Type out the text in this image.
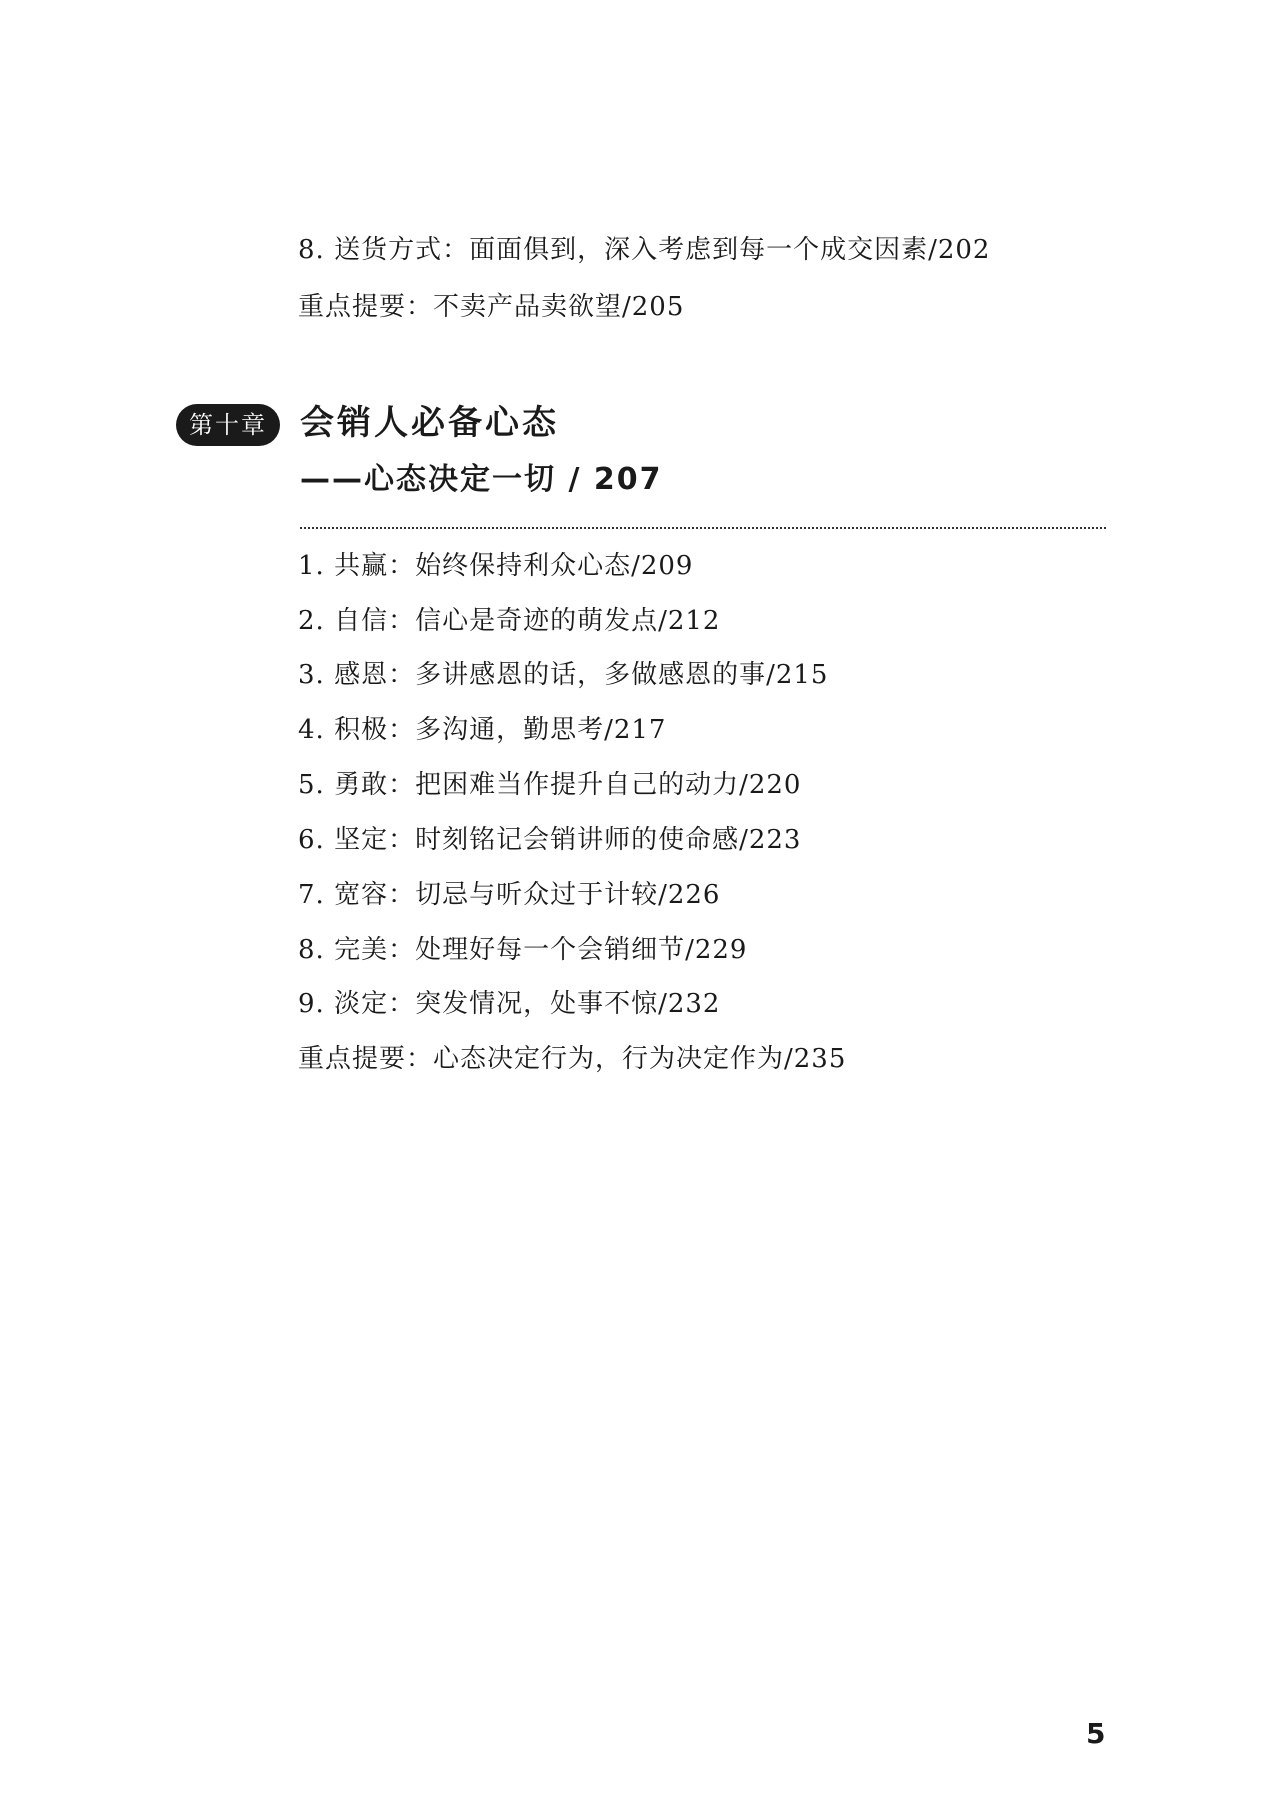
8. 送货方式：面面俱到，深入考虑到每一个成交因素/202
重点提要：不卖产品卖欲望/205
第十章 会销人必备心态
——心态决定一切 / 207
1. 共赢：始终保持利众心态/209
2. 自信：信心是奇迹的萌发点/212
3. 感恩：多讲感恩的话，多做感恩的事/215
4. 积极：多沟通，勤思考/217
5. 勇敢：把困难当作提升自己的动力/220
6. 坚定：时刻铭记会销讲师的使命感/223
7. 宽容：切忌与听众过于计较/226
8. 完美：处理好每一个会销细节/229
9. 淡定：突发情况，处事不惊/232
重点提要：心态决定行为，行为决定作为/235
5
